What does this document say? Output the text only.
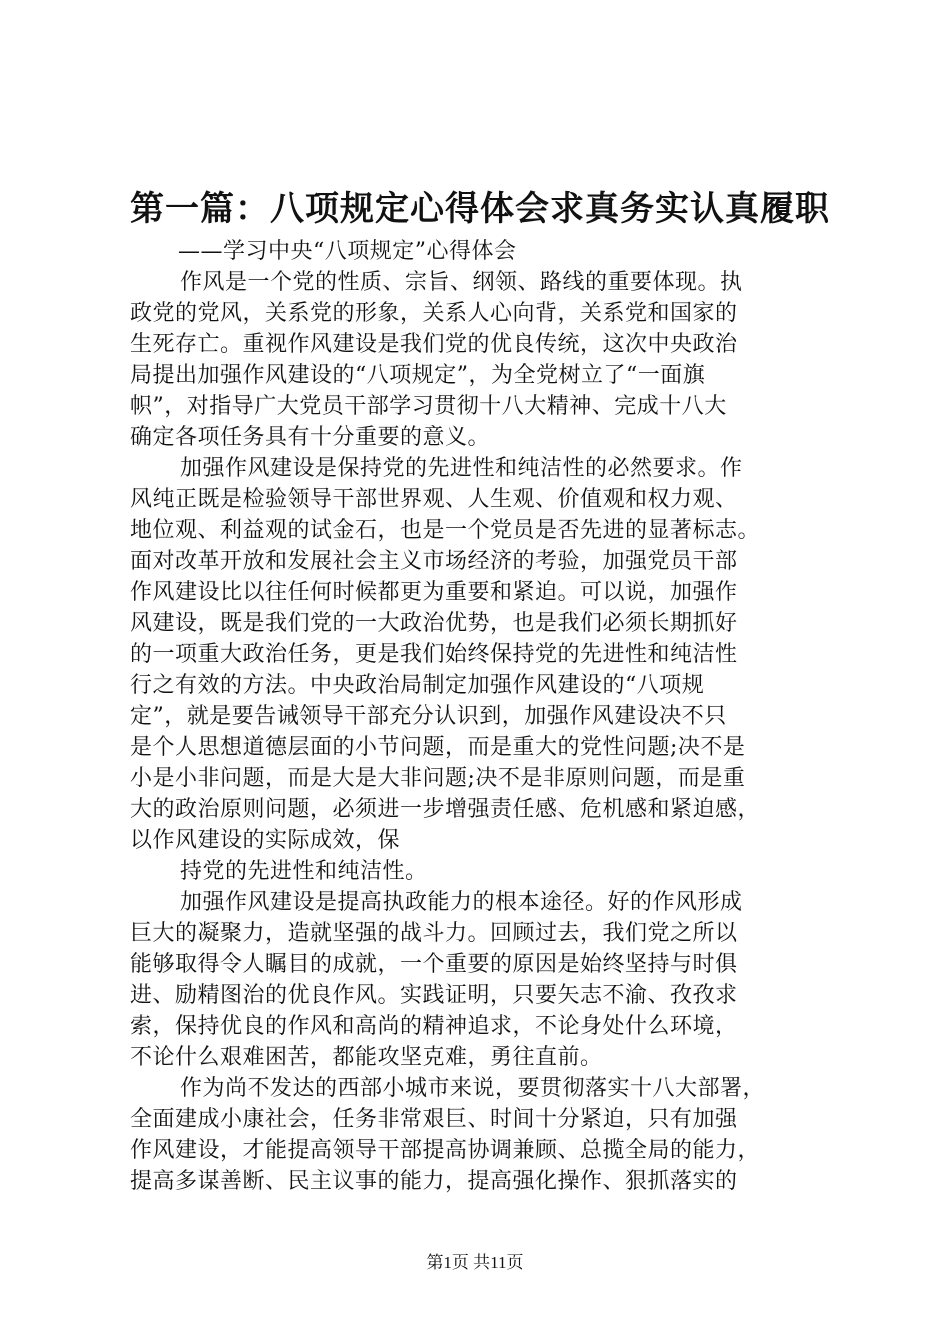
第一篇：八项规定心得体会求真务实认真履职
——学习中央“八项规定”心得体会
作风是一个党的性质、宗旨、纲领、路线的重要体现。执
政党的党风，关系党的形象，关系人心向背，关系党和国家的
生死存亡。重视作风建设是我们党的优良传统，这次中央政治
局提出加强作风建设的“八项规定”，为全党树立了“一面旗
帜”，对指导广大党员干部学习贯彻十八大精神、完成十八大
确定各项任务具有十分重要的意义。
加强作风建设是保持党的先进性和纯洁性的必然要求。作
风纯正既是检验领导干部世界观、人生观、价值观和权力观、
地位观、利益观的试金石，也是一个党员是否先进的显著标志。
面对改革开放和发展社会主义市场经济的考验，加强党员干部
作风建设比以往任何时候都更为重要和紧迫。可以说，加强作
风建设，既是我们党的一大政治优势，也是我们必须长期抓好
的一项重大政治任务，更是我们始终保持党的先进性和纯洁性
行之有效的方法。中央政治局制定加强作风建设的“八项规
定”，就是要告诫领导干部充分认识到，加强作风建设决不只
是个人思想道德层面的小节问题，而是重大的党性问题;决不是
小是小非问题，而是大是大非问题;决不是非原则问题，而是重
大的政治原则问题，必须进一步增强责任感、危机感和紧迫感，
以作风建设的实际成效，保
持党的先进性和纯洁性。
加强作风建设是提高执政能力的根本途径。好的作风形成
巨大的凝聚力，造就坚强的战斗力。回顾过去，我们党之所以
能够取得令人瞩目的成就，一个重要的原因是始终坚持与时俱
进、励精图治的优良作风。实践证明，只要矢志不渝、孜孜求
索，保持优良的作风和高尚的精神追求，不论身处什么环境，
不论什么艰难困苦，都能攻坚克难，勇往直前。
作为尚不发达的西部小城市来说，要贯彻落实十八大部署，
全面建成小康社会，任务非常艰巨、时间十分紧迫，只有加强
作风建设，才能提高领导干部提高协调兼顾、总揽全局的能力，
提高多谋善断、民主议事的能力，提高强化操作、狠抓落实的
第1页 共11页
